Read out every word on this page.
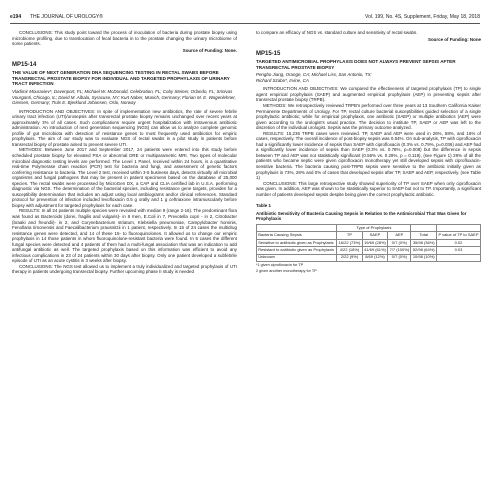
e194 THE JOURNAL OF UROLOGY®	Vol. 199, No. 4S, Supplement, Friday, May 18, 2018

CONCLUSIONS: This study point toward the process of inoculation of bacteria during prostate biopsy using microbiome profiling, due to translocation of fecal bacteria in to the prostate changing the urinary microbiome of some patients.

Source of Funding: None.

MP15-14
THE VALUE OF NEXT GENERATION DNA SEQUENCING TESTING IN RECTAL SWABS BEFORE TRANSRECTAL PROSTATE BIOPSY FOR INDIVIDUAL AND TARGETED PROPHYLAXIS OF URINARY TRACT INFECTION

Vladimir Mouraviev*, Davenport, FL; Michael W. McDonald, Celebration, FL; Coby Steiner, Orlando, FL; Srinivas Vourganti, Chicago, IL; David M. Albala, Syracuse, NY; Kurt Naber, Munich, Germany; Florian M. E. Wagenlehner, Giessen, Germany; Truls E. Bjerklund Johansen, Oslo, Norway

INTRODUCTION AND OBJECTIVES: In spite of implementation new antibiotics, the rate of severe febrile urinary tract infection (UTI)/urosepsis after transrectal prostate biopsy remains unchanged over recent years at approximately 3% of all cases. Such complications require urgent hospitalization with intravenous antibiotic administration. An introduction of next generation sequencing (NGS) can allow us to analyze complete genomic profile of gut microbiota with detection of resistance genes to most frequently used antibiotics for empiric prophylaxis. The aim of our study was to evaluate NGS of rectal swabs in a pilot study in patients before transrectal biopsy of prostate aimed to prevent severe UTI.

METHODS: Between June 2017 and September 2017, 24 patients were entered into this study before scheduled prostate biopsy for elevated PSA or abnormal DRE or multiparametric MRI. Two types of molecular microbial diagnostic testing levels are performed. The Level 1 Panel, received within 24 hours, is a quantitative real-time Polymerase chain reaction (PCR) test for bacteria and fungi, and assessment of genetic factors conferring resistance to bacteria. The Level 2 test, received within 3-5 business days, detects virtually all microbial organisms and fungal pathogens that may be present in patient specimens based on the database of 25,000 species. The rectal swabs were processed by MicroGen DX, a CAP and CLIA certified lab in U.S.A. performing diagnostic via NGS. The determination of the bacterial species, including resistance gene targets, provides for a susceptibility determination that includes an adjust using local antibiograms and/or clinical references. Standard protocol for prevention of infection included levofloxacin 0.5 g orally and 1 g ceftriaxone intramuscularly before biopsy with adjustment for targeted prophylaxis for each case.

RESULTS: In all 24 patients multiple species were revealed with median 9 (range 2-16). The predominant flora was found as Bacteroids (dorei, fragilis and vulgaris)- in 8 men, E.Coli in 7, Prevotella copri - in 2, Citrobacter (braaki and freundii)- in 2, and Corynebacterium striatum, Klebsiella pneumoniae, Campylobacter hominis, Fenollaria timonensis and Faecalibacterium prausnitzii in 1 patient, respectively. In 15 of 24 cases the multidrug resistance genes were detected, and 14 of these 15- to fluoroquinolones. It allowed us to change our empiric prophylaxis in 14 those patients in whom fluoroquinolone-resistant bacteria were found. In 5 cases the different fungal species were detected and 4 patients of them had a multi-fungal association that was an indication to add antifungal antibiotic as well. The targeted prophylaxis based on this information was efficient to avoid any infectious complications in 23 of 24 patients within 30 days after biopsy. Only one patient developed a subfebrile episode of UTI as an acute cystitis in 3 weeks after biopsy.

CONCLUSIONS: The NGS test allowed us to implement a truly individualized and targeted prophylaxis of UTI therapy in patients undergoing transrectal biopsy. Further upcoming phase II study is needed

to compare an efficacy of NGS vs. standard culture and sensitivity of rectal swabs.

Source of Funding: None

MP15-15
TARGETED ANTIMICROBIAL PROPHYLAXIS DOES NOT ALWAYS PREVENT SEPSIS AFTER TRANSRECTAL PROSTATE BIOPSY

Pengbo Jiang, Orange, CA; Michael Liss, San Antonio, TX;

Richard Szabo*, Irvine, CA

INTRODUCTION AND OBJECTIVES: We compared the effectiveness of targeted prophylaxis (TP) to single agent empirical prophylaxis (SAEP) and augmented empirical prophylaxis (AEP) in preventing sepsis after transrectal prostate biopsy (TRPB).

METHODS: We retrospectively reviewed TRPB's performed over three years at 13 Southern California Kaiser Permanente Departments of Urology. For TP, rectal culture bacterial susceptibilities guided selection of a single prophylactic antibiotic; while for empirical prophylaxis, one antibiotic (SAEP) or multiple antibiotics (AEP) were given according to the urologist's usual practice. The decision to institute TP, SAEP or AEP was left to the discretion of the individual urologist. Sepsis was the primary outcome analyzed.

RESULTS: 15,236 TRPB cases were reviewed. TP, SAEP and AEP were used in 26%, 58%, and 16% of cases, respectively. The overall incidence of post-biopsy sepsis was 0.64%. On sub-analysis, TP with ciprofloxacin had a significantly lower incidence of sepsis than SAEP with ciprofloxacin (0.3% vs. 0.79%, p=0.036) and AEP had a significantly lower incidence of sepsis than SAEP (0.3% vs. 0.78%, p=0.008) but the difference in sepsis between TP and AEP was not statistically significant (0.56% vs. 0.29%, p = 0.119), (see Figure 1) 29% of all the patients who became septic were given ciprofloxacin monotherapy yet still developed sepsis with ciprofloxacin-sensitive bacteria. The bacteria causing post-TRPB sepsis were sensitive to the antibiotic initially given as prophylaxis in 73%, 28% and 0% of cases that developed sepsis after TP, SAEP and AEP, respectively. (see Table 1)

CONCLUSIONS: This large retrospective study showed superiority of TP over SAEP when only ciprofloxacin was given. In addition, AEP was shown to be statistically superior to SAEP but not to TP. Importantly, a significant number of patients developed sepsis despite being given the correct prophylactic antibiotic.

Table 1
Antibiotic Sensitivity of Bacteria Causing Sepsis in Relation to the Antimicrobial That Was Given for Prophylaxis
	Type of Prophylaxis				
Bacteria Causing Sepsis	TP	SAEP	AEP	Total	P value of TP to SAEP
Sensitive to antibiotic given as Prophylaxis	16/22 (73%)	19/69 (28%)	0/7 (0%)	35/98 (36%)	0.02
Resistant to antibiotic given as Prophylaxis	4/22 (18%)	41/69 (61%)	7/7 (100%)	52/98 (64%)	0.03
Unknown	2/22 (9%)	8/69 (12%)	0/7 (0%)	10/98 (10%)	

*1 given ciprofloxacin for TP

2 given another monotherapy for TP
